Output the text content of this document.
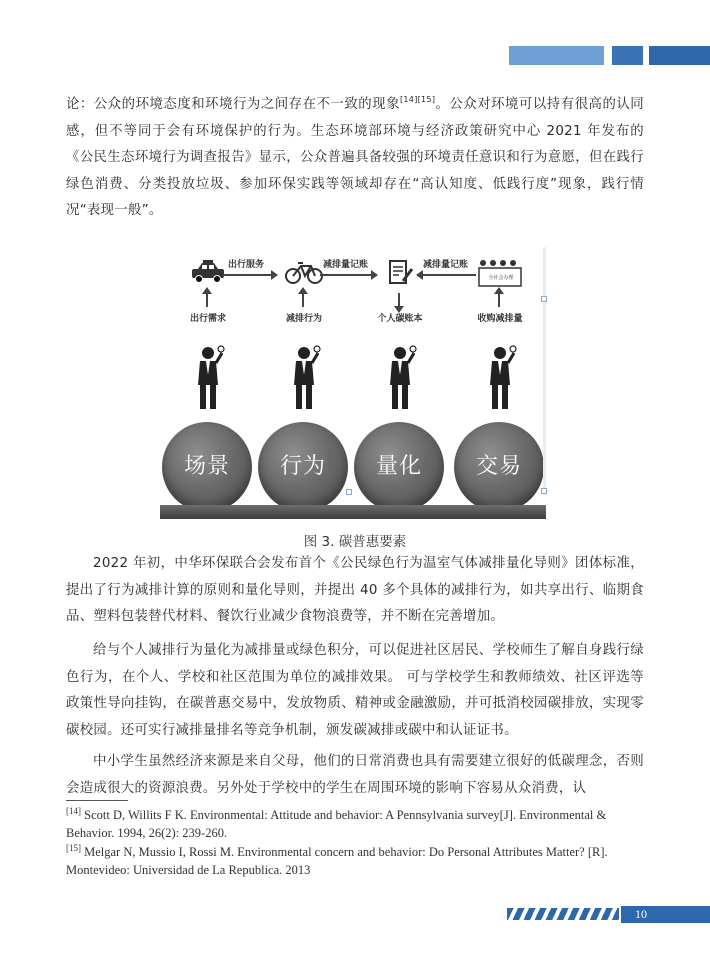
论：公众的环境态度和环境行为之间存在不一致的现象[14][15]。公众对环境可以持有很高的认同感，但不等同于会有环境保护的行为。生态环境部环境与经济政策研究中心 2021 年发布的《公民生态环境行为调查报告》显示，公众普遍具备较强的环境责任意识和行为意愿，但在践行绿色消费、分类投放垃圾、参加环保实践等领域却存在“高认知度、低践行度”现象，践行情况“表现一般”。

出行需求
场景
出行服务
减排行为
行为
减排量记账
个人碳账本
量化
减排量记账
全社会办理
收购减排量
交易
图 3. 碳普惠要素

2022 年初，中华环保联合会发布首个《公民绿色行为温室气体减排量化导则》团体标准，提出了行为减排计算的原则和量化导则，并提出 40 多个具体的减排行为，如共享出行、临期食品、塑料包装替代材料、餐饮行业减少食物浪费等，并不断在完善增加。

给与个人减排行为量化为减排量或绿色积分，可以促进社区居民、学校师生了解自身践行绿色行为，在个人、学校和社区范围为单位的减排效果。 可与学校学生和教师绩效、社区评选等政策性导向挂钩，在碳普惠交易中，发放物质、精神或金融激励，并可抵消校园碳排放，实现零碳校园。还可实行减排量排名等竞争机制，颁发碳减排或碳中和认证证书。

中小学生虽然经济来源是来自父母，他们的日常消费也具有需要建立很好的低碳理念，否则会造成很大的资源浪费。另外处于学校中的学生在周围环境的影响下容易从众消费，认

[14] Scott D, Willits F K. Environmental: Attitude and behavior: A Pennsylvania survey[J]. Environmental & Behavior. 1994, 26(2): 239-260.

[15] Melgar N, Mussio I, Rossi M. Environmental concern and behavior: Do Personal Attributes Matter? [R]. Montevideo: Universidad de La Republica. 2013

10
